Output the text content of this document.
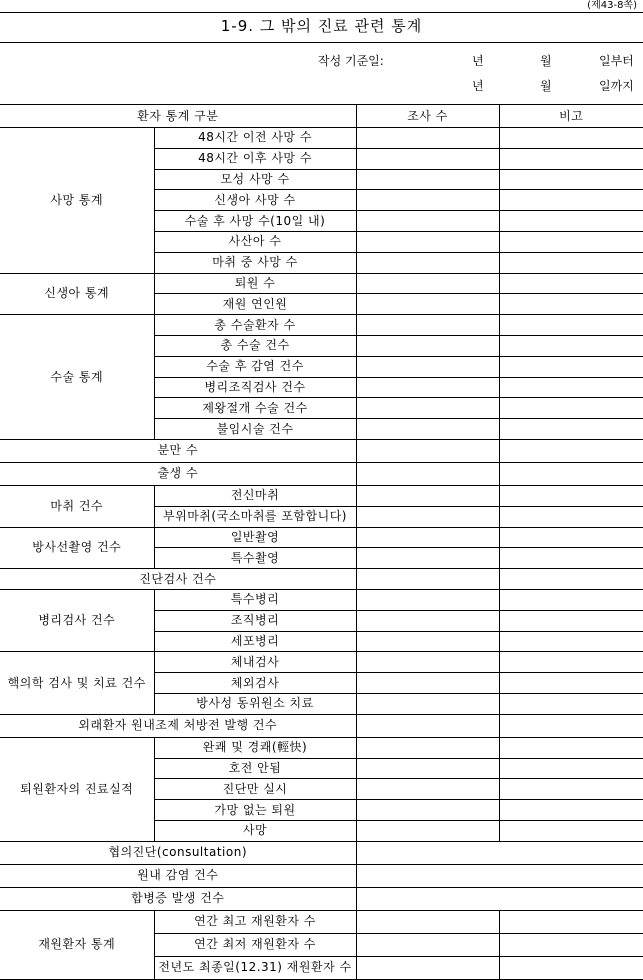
(제43-8쪽)
1-9. 그 밖의 진료 관련 통계
작성 기준일:	년	월	일부터
년	월	일까지
환자 통계 구분		조사 수	비고
사망 통계	48시간 이전 사망 수		
	48시간 이후 사망 수		
	모성 사망 수		
	신생아 사망 수		
	수술 후 사망 수(10일 내)		
	사산아 수		
	마취 중 사망 수		
신생아 통계	퇴원 수		
	재원 연인원		
수술 통계	총 수술환자 수		
	총 수술 건수		
	수술 후 감염 건수		
	병리조직검사 건수		
	제왕절개 수술 건수		
	불임시술 건수		
분만 수			
출생 수			
마취 건수	전신마취		
	부위마취(국소마취를 포함합니다)		
방사선촬영 건수	일반촬영		
	특수촬영		
진단검사 건수			
병리검사 건수	특수병리		
	조직병리		
	세포병리		
핵의학 검사 및 치료 건수	체내검사		
	체외검사		
	방사성 동위원소 치료		
외래환자 원내조제 처방전 발행 건수			
퇴원환자의 진료실적	완쾌 및 경쾌(輕快)		
	호전 안됨		
	진단만 실시		
	가망 없는 퇴원		
	사망		
협의진단(consultation)			
원내 감염 건수			
합병증 발생 건수			
재원환자 통계	연간 최고 재원환자 수		
	연간 최저 재원환자 수		
	전년도 최종일(12.31) 재원환자 수		
